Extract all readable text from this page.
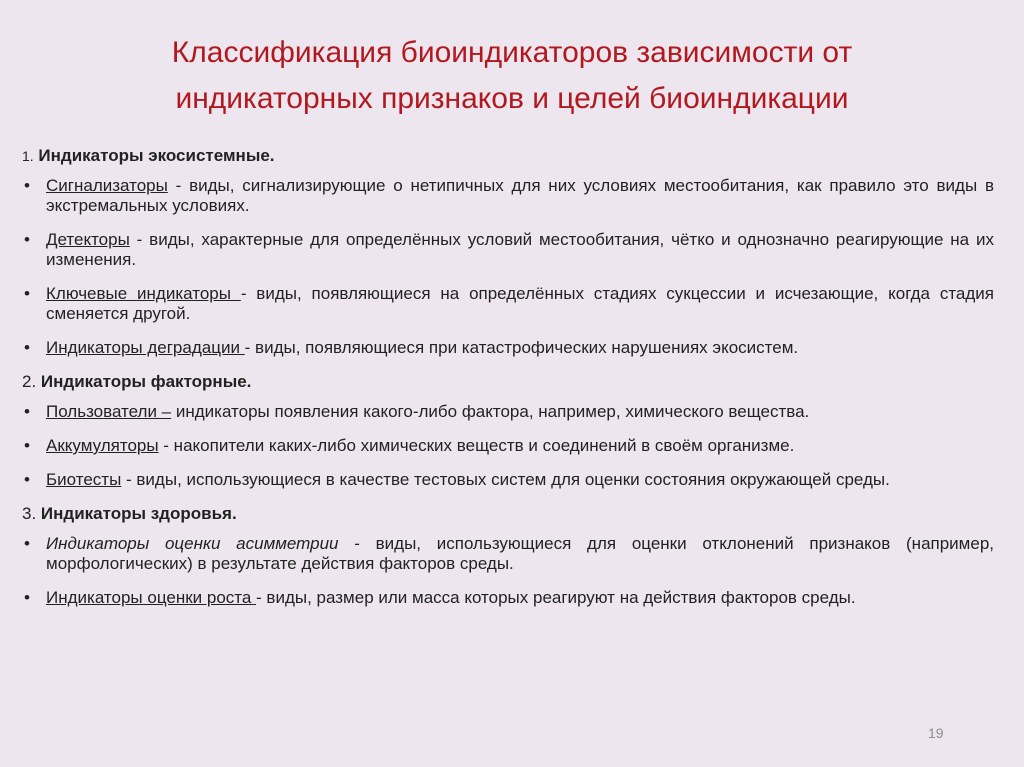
Классификация биоиндикаторов зависимости от
индикаторных признаков и целей биоиндикации
1. Индикаторы экосистемные.
• Сигнализаторы - виды, сигнализирующие о нетипичных для них условиях местообитания, как правило это виды в экстремальных условиях.
• Детекторы - виды, характерные для определённых условий местообитания, чётко и однозначно реагирующие на их изменения.
• Ключевые индикаторы - виды, появляющиеся на определённых стадиях сукцессии и исчезающие, когда стадия сменяется другой.
• Индикаторы деградации - виды, появляющиеся при катастрофических нарушениях экосистем.
2. Индикаторы факторные.
• Пользователи – индикаторы появления какого-либо фактора, например, химического вещества.
• Аккумуляторы - накопители каких-либо химических веществ и соединений в своём организме.
• Биотесты - виды, использующиеся в качестве тестовых систем для оценки состояния окружающей среды.
3. Индикаторы здоровья.
• Индикаторы оценки асимметрии - виды, использующиеся для оценки отклонений признаков (например, морфологических) в результате действия факторов среды.
• Индикаторы оценки роста - виды, размер или масса которых реагируют на действия факторов среды.
19
